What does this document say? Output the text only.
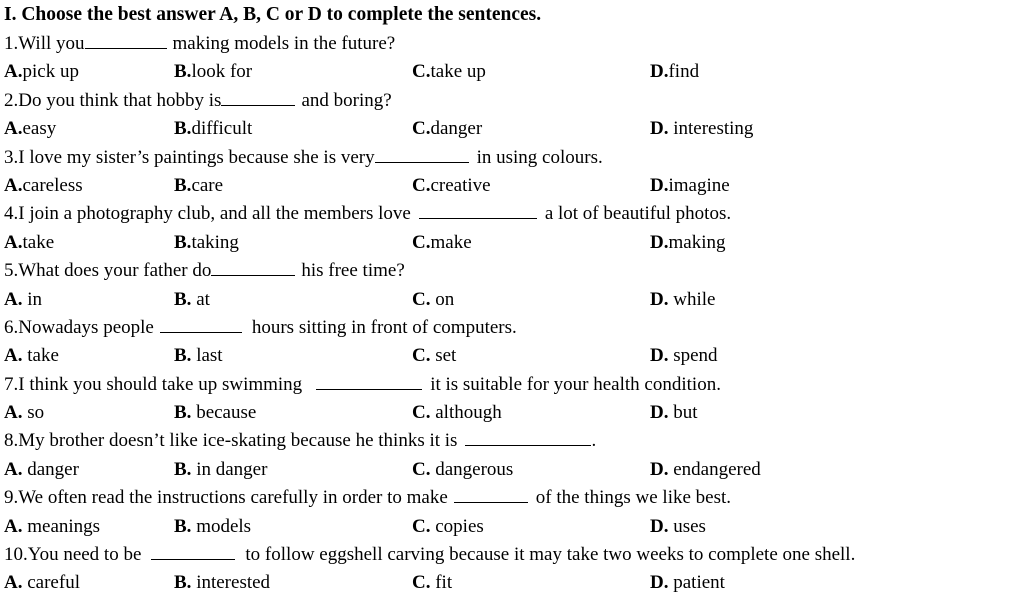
I. Choose the best answer A, B, C or D to complete the sentences.
1.Will you	making models in the future?
A.pick up	B.look for	C.take up	D.find
2.Do you think that hobby is	and boring?
A.easy	B.difficult	C.danger	D. interesting
3.I love my sister’s paintings because she is very	in using colours.
A.careless	B.care	C.creative	D.imagine
4.I join a photography club, and all the members love	a lot of beautiful photos.
A.take	B.taking	C.make	D.making
5.What does your father do	his free time?
A. in	B. at	C. on	D. while
6.Nowadays people	hours sitting in front of computers.
A. take	B. last	C. set	D. spend
7.I think you should take up swimming	it is suitable for your health condition.
A. so	B. because	C. although	D. but
8.My brother doesn’t like ice-skating because he thinks it is	.
A. danger	B. in danger	C. dangerous	D. endangered
9.We often read the instructions carefully in order to make	of the things we like best.
A. meanings	B. models	C. copies	D. uses
10.You need to be	to follow eggshell carving because it may take two weeks to complete one shell.
A. careful	B. interested	C. fit	D. patient
